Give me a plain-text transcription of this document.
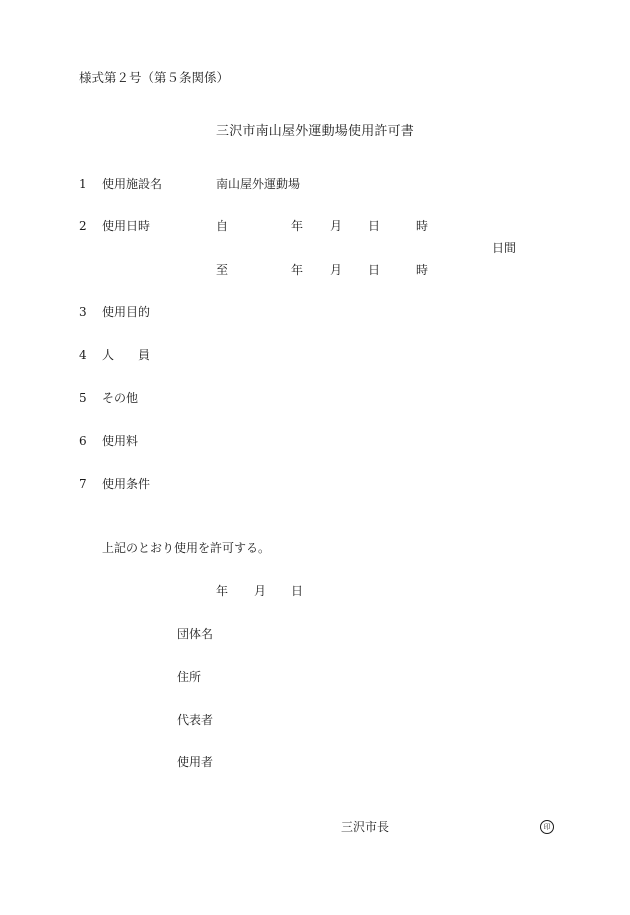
様式第２号（第５条関係）
三沢市南山屋外運動場使用許可書
1 使用施設名	南山屋外運動場
2 使用日時	自	年 月 日	時
日間
至	年 月 日	時
3 使用目的
4 人　　員
5 その他
6 使用料
7 使用条件
上記のとおり使用を許可する。
年 月 日
団体名
住所
代表者
使用者
三沢市長	印
